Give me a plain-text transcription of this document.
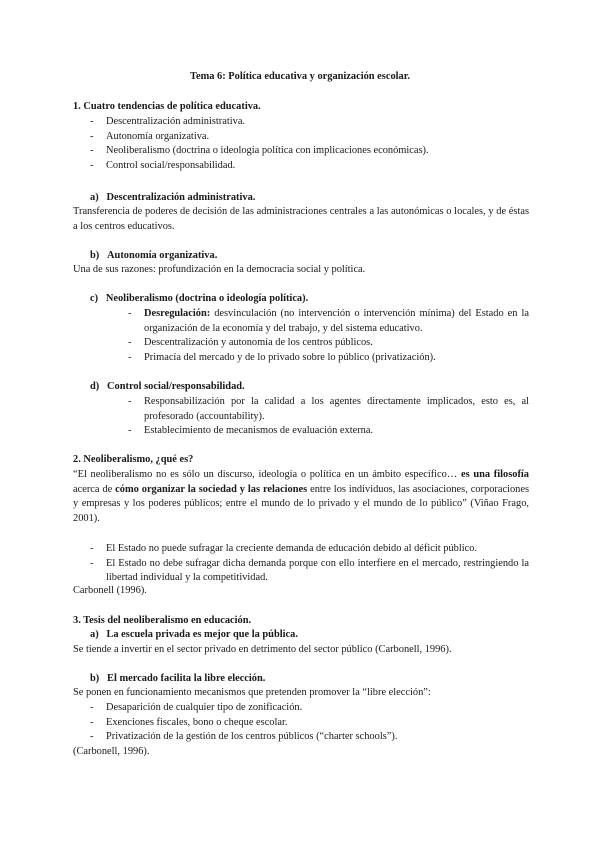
Tema 6: Política educativa y organización escolar.
1. Cuatro tendencias de política educativa.
- Descentralización administrativa.
- Autonomía organizativa.
- Neoliberalismo (doctrina o ideología política con implicaciones económicas).
- Control social/responsabilidad.
a) Descentralización administrativa.
Transferencia de poderes de decisión de las administraciones centrales a las autonómicas o locales, y de éstas a los centros educativos.
b) Autonomía organizativa.
Una de sus razones: profundización en la democracia social y política.
c) Neoliberalismo (doctrina o ideología política).
- Desregulación: desvinculación (no intervención o intervención mínima) del Estado en la organización de la economía y del trabajo, y del sistema educativo.
- Descentralización y autonomía de los centros públicos.
- Primacía del mercado y de lo privado sobre lo público (privatización).
d) Control social/responsabilidad.
- Responsabilización por la calidad a los agentes directamente implicados, esto es, al profesorado (accountability).
- Establecimiento de mecanismos de evaluación externa.
2. Neoliberalismo, ¿qué es?
“El neoliberalismo no es sólo un discurso, ideología o política en un ámbito específico… es una filosofía acerca de cómo organizar la sociedad y las relaciones entre los individuos, las asociaciones, corporaciones y empresas y los poderes públicos; entre el mundo de lo privado y el mundo de lo público” (Viñao Frago, 2001).
- El Estado no puede sufragar la creciente demanda de educación debido al déficit público.
- El Estado no debe sufragar dicha demanda porque con ello interfiere en el mercado, restringiendo la libertad individual y la competitividad.
Carbonell (1996).
3. Tesis del neoliberalismo en educación.
a) La escuela privada es mejor que la pública.
Se tiende a invertir en el sector privado en detrimento del sector público (Carbonell, 1996).
b) El mercado facilita la libre elección.
Se ponen en funcionamiento mecanismos que pretenden promover la “libre elección”:
- Desaparición de cualquier tipo de zonificación.
- Exenciones fiscales, bono o cheque escolar.
- Privatización de la gestión de los centros públicos (“charter schools”).
(Carbonell, 1996).
